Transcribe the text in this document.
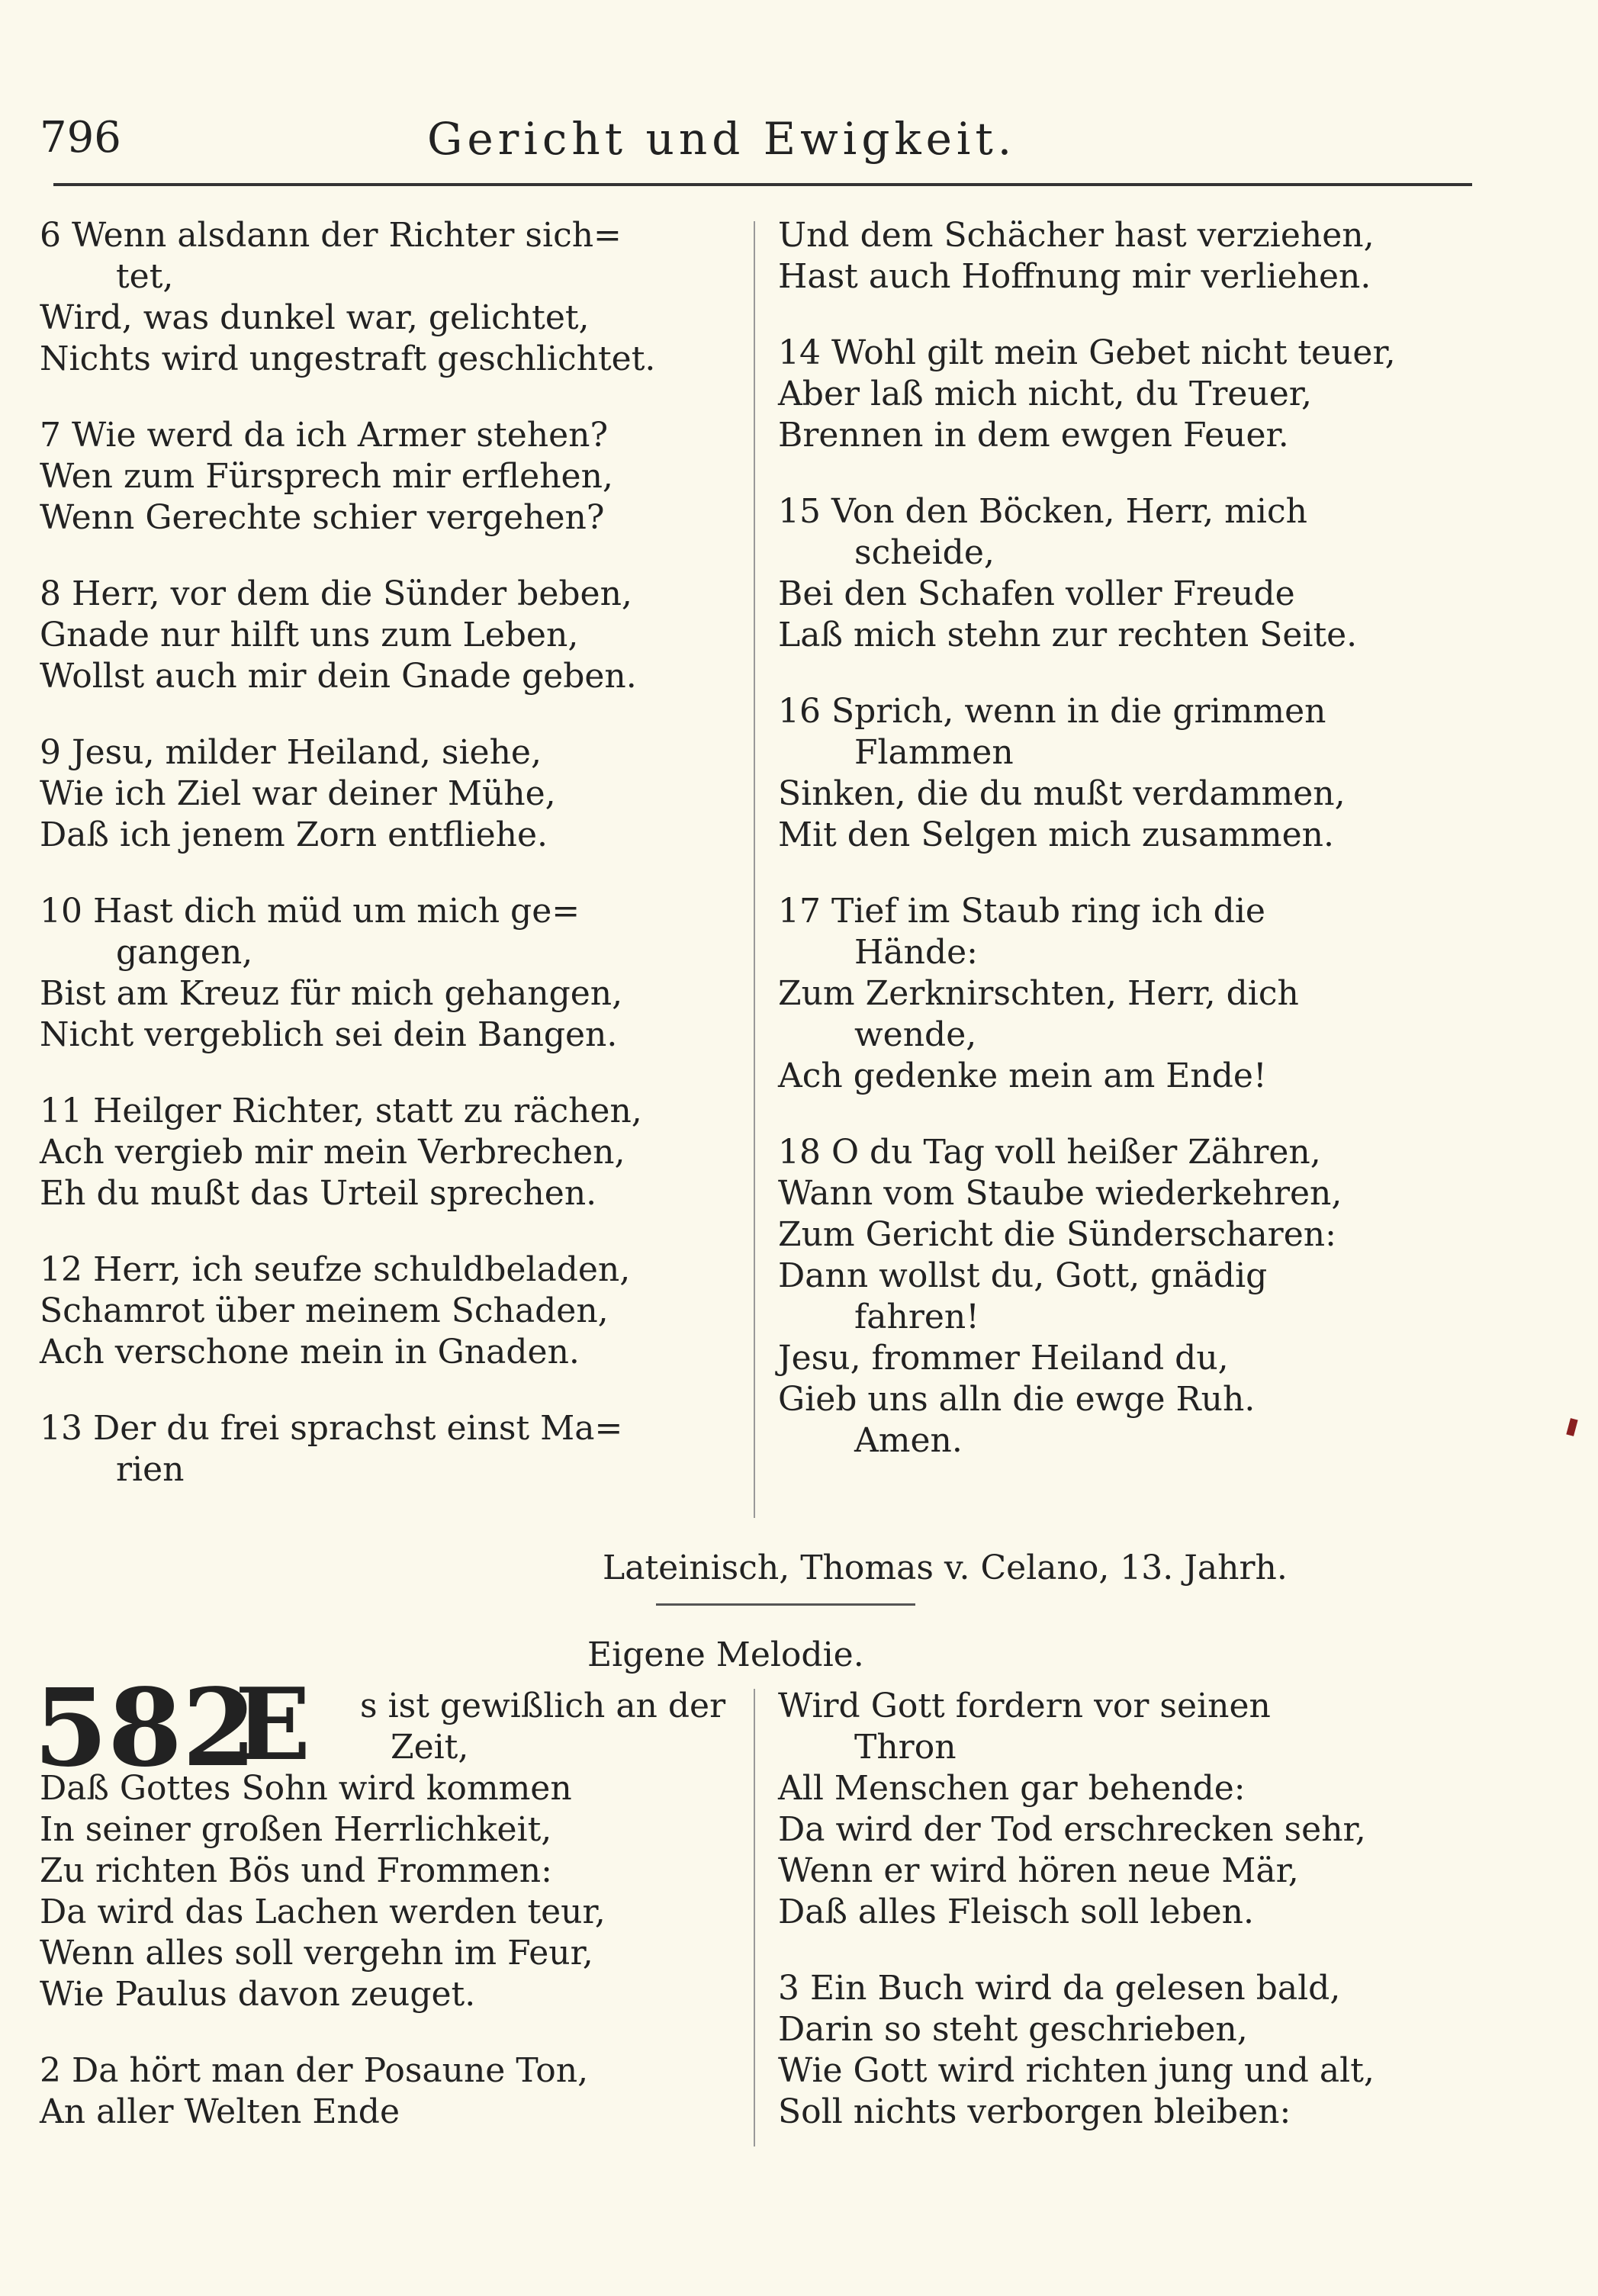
796	Gericht und Ewigkeit.
6 Wenn alsdann der Richter sich=
tet,
Wird, was dunkel war, gelichtet,
Nichts wird ungestraft geschlichtet.
7 Wie werd da ich Armer stehen?
Wen zum Fürsprech mir erflehen,
Wenn Gerechte schier vergehen?
8 Herr, vor dem die Sünder beben,
Gnade nur hilft uns zum Leben,
Wollst auch mir dein Gnade geben.
9 Jesu, milder Heiland, siehe,
Wie ich Ziel war deiner Mühe,
Daß ich jenem Zorn entfliehe.
10 Hast dich müd um mich ge=
gangen,
Bist am Kreuz für mich gehangen,
Nicht vergeblich sei dein Bangen.
11 Heilger Richter, statt zu rächen,
Ach vergieb mir mein Verbrechen,
Eh du mußt das Urteil sprechen.
12 Herr, ich seufze schuldbeladen,
Schamrot über meinem Schaden,
Ach verschone mein in Gnaden.
13 Der du frei sprachst einst Ma=
rien
Und dem Schächer hast verziehen,
Hast auch Hoffnung mir verliehen.
14 Wohl gilt mein Gebet nicht teuer,
Aber laß mich nicht, du Treuer,
Brennen in dem ewgen Feuer.
15 Von den Böcken, Herr, mich
scheide,
Bei den Schafen voller Freude
Laß mich stehn zur rechten Seite.
16 Sprich, wenn in die grimmen
Flammen
Sinken, die du mußt verdammen,
Mit den Selgen mich zusammen.
17 Tief im Staub ring ich die
Hände:
Zum Zerknirschten, Herr, dich
wende,
Ach gedenke mein am Ende!
18 O du Tag voll heißer Zähren,
Wann vom Staube wiederkehren,
Zum Gericht die Sünderscharen:
Dann wollst du, Gott, gnädig
fahren!
Jesu, frommer Heiland du,
Gieb uns alln die ewge Ruh.
Amen.
Lateinisch, Thomas v. Celano, 13. Jahrh.
Eigene Melodie.
582
E	s ist gewißlich an der
Zeit,
Daß Gottes Sohn wird kommen
In seiner großen Herrlichkeit,
Zu richten Bös und Frommen:
Da wird das Lachen werden teur,
Wenn alles soll vergehn im Feur,
Wie Paulus davon zeuget.
2 Da hört man der Posaune Ton,
An aller Welten Ende
Wird Gott fordern vor seinen
Thron
All Menschen gar behende:
Da wird der Tod erschrecken sehr,
Wenn er wird hören neue Mär,
Daß alles Fleisch soll leben.
3 Ein Buch wird da gelesen bald,
Darin so steht geschrieben,
Wie Gott wird richten jung und alt,
Soll nichts verborgen bleiben:
